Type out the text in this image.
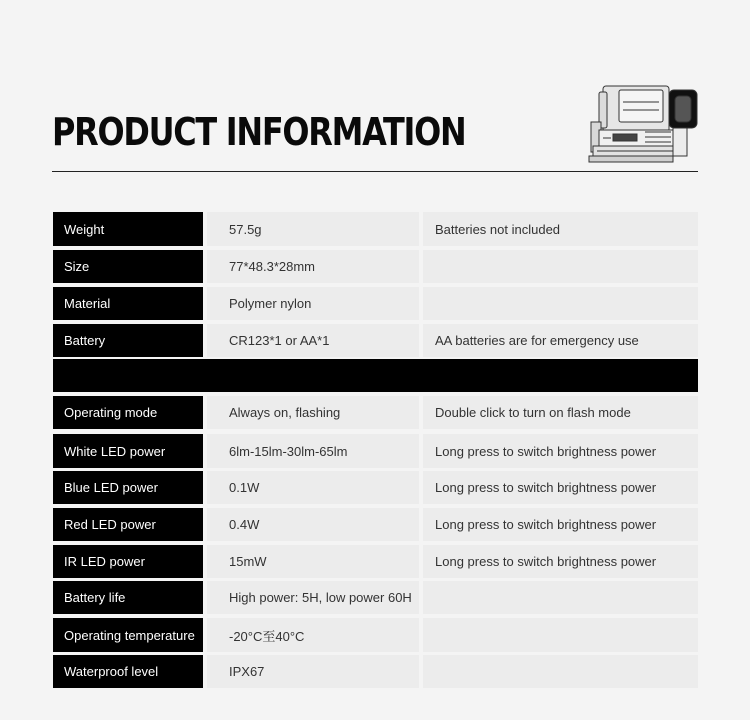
PRODUCT INFORMATION
Weight	57.5g	Batteries not included
Size	77*48.3*28mm
Material	Polymer nylon
Battery	CR123*1 or AA*1	AA batteries are for emergency use
Operating mode	Always on, flashing	Double click to turn on flash mode
White LED power	6lm-15lm-30lm-65lm	Long press to switch brightness power
Blue LED power	0.1W	Long press to switch brightness power
Red LED power	0.4W	Long press to switch brightness power
IR LED power	15mW	Long press to switch brightness power
Battery life	High power: 5H, low power 60H
Operating temperature	-20°C至40°C
Waterproof level	IPX67
